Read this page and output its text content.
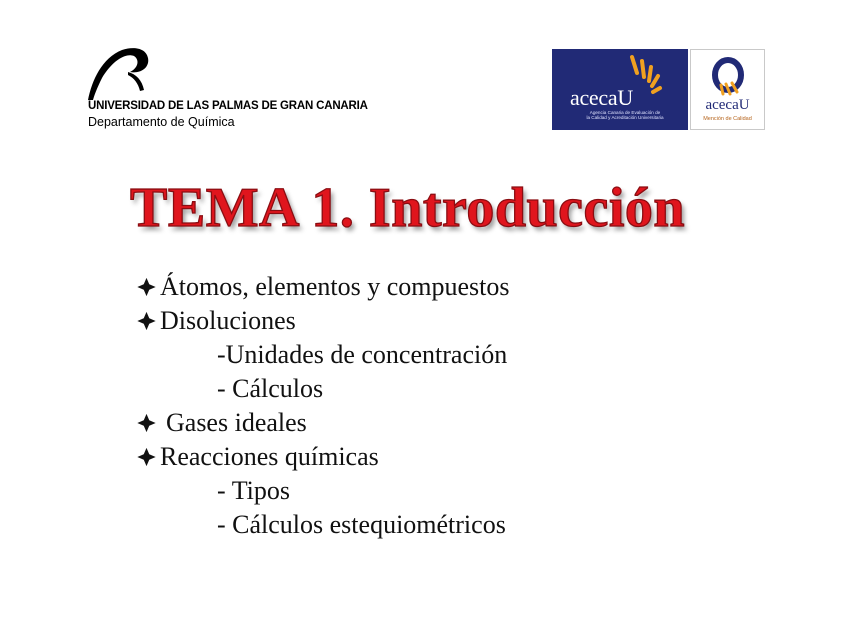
UNIVERSIDAD DE LAS PALMAS DE GRAN CANARIA
Departamento de Química
acecaU
Agencia Canaria de Evaluación de
la Calidad y Acreditación Universitaria
acecaU
Mención de Calidad
TEMA 1. Introducción
Átomos, elementos y compuestos
Disoluciones
-Unidades de concentración
- Cálculos
Gases ideales
Reacciones químicas
- Tipos
- Cálculos estequiométricos
